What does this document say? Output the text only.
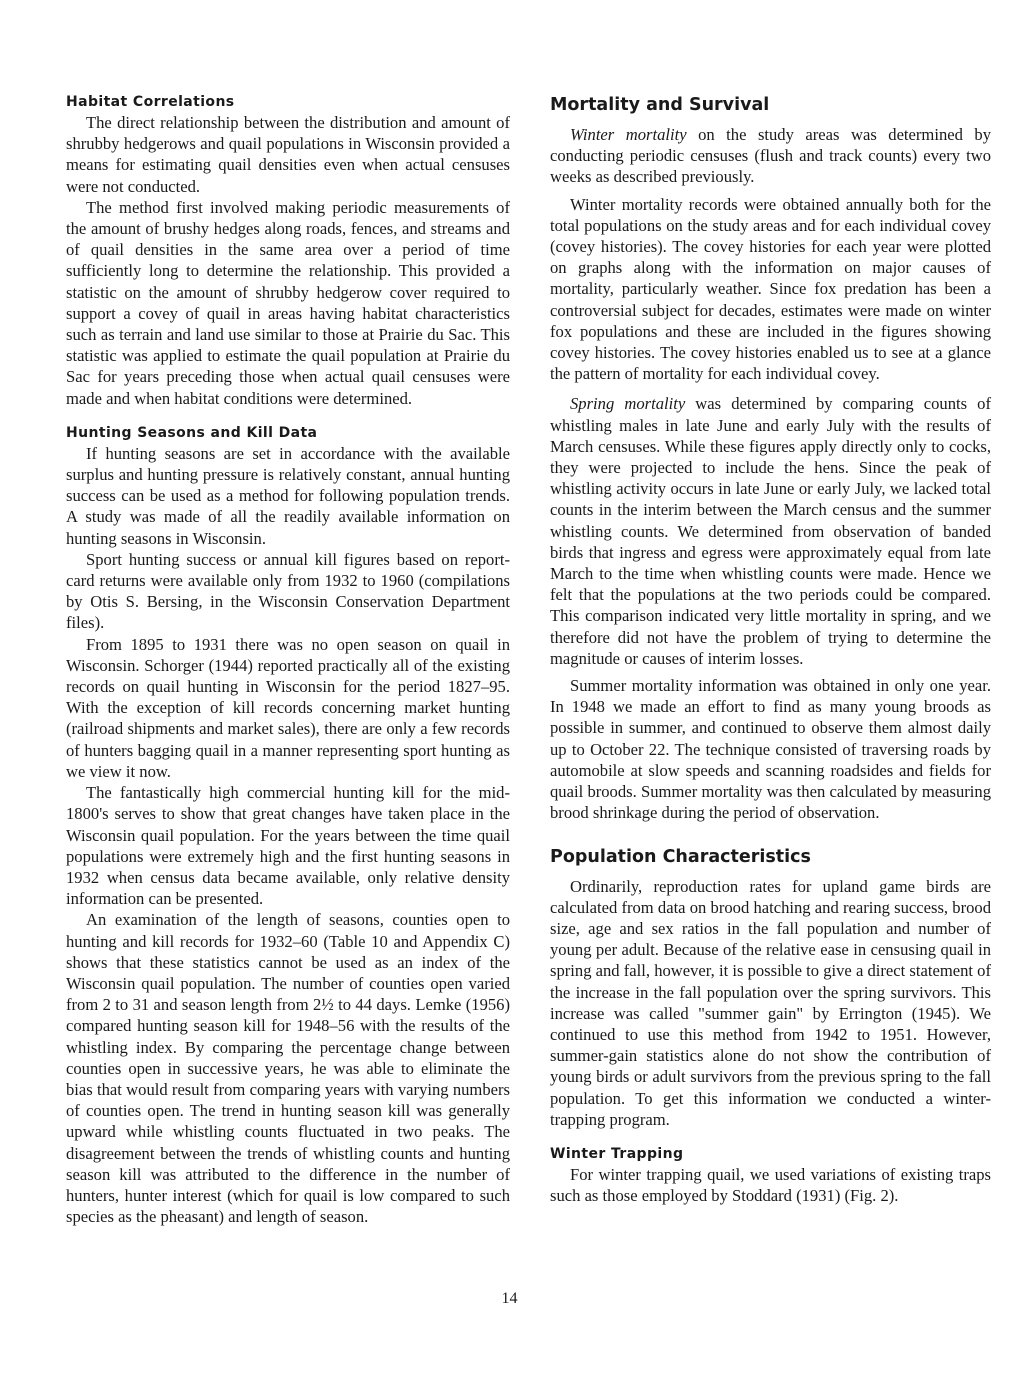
Habitat Correlations

The direct relationship between the distribution and amount of shrubby hedgerows and quail populations in Wisconsin provided a means for estimating quail densities even when actual censuses were not conducted.

The method first involved making periodic measurements of the amount of brushy hedges along roads, fences, and streams and of quail densities in the same area over a period of time sufficiently long to determine the relationship. This provided a statistic on the amount of shrubby hedgerow cover required to support a covey of quail in areas having habitat characteristics such as terrain and land use similar to those at Prairie du Sac. This statistic was applied to estimate the quail population at Prairie du Sac for years preceding those when actual quail censuses were made and when habitat conditions were determined.

Hunting Seasons and Kill Data

If hunting seasons are set in accordance with the available surplus and hunting pressure is relatively constant, annual hunting success can be used as a method for following population trends. A study was made of all the readily available information on hunting seasons in Wisconsin.

Sport hunting success or annual kill figures based on report-card returns were available only from 1932 to 1960 (compilations by Otis S. Bersing, in the Wisconsin Conservation Department files).

From 1895 to 1931 there was no open season on quail in Wisconsin. Schorger (1944) reported practically all of the existing records on quail hunting in Wisconsin for the period 1827–95. With the exception of kill records concerning market hunting (railroad shipments and market sales), there are only a few records of hunters bagging quail in a manner representing sport hunting as we view it now.

The fantastically high commercial hunting kill for the mid-1800's serves to show that great changes have taken place in the Wisconsin quail population. For the years between the time quail populations were extremely high and the first hunting seasons in 1932 when census data became available, only relative density information can be presented.

An examination of the length of seasons, counties open to hunting and kill records for 1932–60 (Table 10 and Appendix C) shows that these statistics cannot be used as an index of the Wisconsin quail population. The number of counties open varied from 2 to 31 and season length from 2½ to 44 days. Lemke (1956) compared hunting season kill for 1948–56 with the results of the whistling index. By comparing the percentage change between counties open in successive years, he was able to eliminate the bias that would result from comparing years with varying numbers of counties open. The trend in hunting season kill was generally upward while whistling counts fluctuated in two peaks. The disagreement between the trends of whistling counts and hunting season kill was attributed to the difference in the number of hunters, hunter interest (which for quail is low compared to such species as the pheasant) and length of season.

Mortality and Survival

Winter mortality on the study areas was determined by conducting periodic censuses (flush and track counts) every two weeks as described previously.

Winter mortality records were obtained annually both for the total populations on the study areas and for each individual covey (covey histories). The covey histories for each year were plotted on graphs along with the information on major causes of mortality, particularly weather. Since fox predation has been a controversial subject for decades, estimates were made on winter fox populations and these are included in the figures showing covey histories. The covey histories enabled us to see at a glance the pattern of mortality for each individual covey.

Spring mortality was determined by comparing counts of whistling males in late June and early July with the results of March censuses. While these figures apply directly only to cocks, they were projected to include the hens. Since the peak of whistling activity occurs in late June or early July, we lacked total counts in the interim between the March census and the summer whistling counts. We determined from observation of banded birds that ingress and egress were approximately equal from late March to the time when whistling counts were made. Hence we felt that the populations at the two periods could be compared. This comparison indicated very little mortality in spring, and we therefore did not have the problem of trying to determine the magnitude or causes of interim losses.

Summer mortality information was obtained in only one year. In 1948 we made an effort to find as many young broods as possible in summer, and continued to observe them almost daily up to October 22. The technique consisted of traversing roads by automobile at slow speeds and scanning roadsides and fields for quail broods. Summer mortality was then calculated by measuring brood shrinkage during the period of observation.

Population Characteristics

Ordinarily, reproduction rates for upland game birds are calculated from data on brood hatching and rearing success, brood size, age and sex ratios in the fall population and number of young per adult. Because of the relative ease in censusing quail in spring and fall, however, it is possible to give a direct statement of the increase in the fall population over the spring survivors. This increase was called "summer gain" by Errington (1945). We continued to use this method from 1942 to 1951. However, summer-gain statistics alone do not show the contribution of young birds or adult survivors from the previous spring to the fall population. To get this information we conducted a winter-trapping program.

Winter Trapping

For winter trapping quail, we used variations of existing traps such as those employed by Stoddard (1931) (Fig. 2).

14
